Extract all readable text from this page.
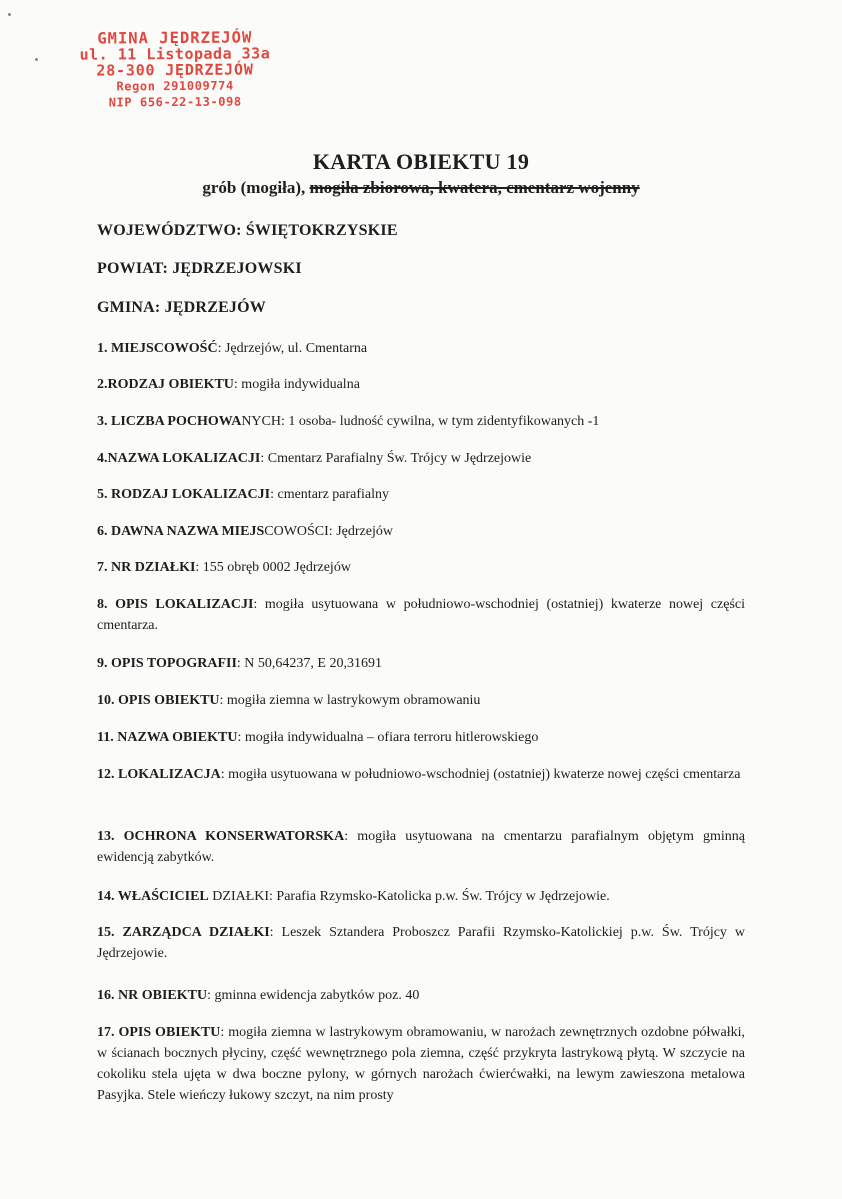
GMINA JĘDRZEJÓW
ul. 11 Listopada 33a
28-300 JĘDRZEJÓW
Regon 291009774
NIP 656-22-13-098
KARTA OBIEKTU 19
grób (mogiła), mogiła zbiorowa, kwatera, cmentarz wojenny
WOJEWÓDZTWO: ŚWIĘTOKRZYSKIE
POWIAT: JĘDRZEJOWSKI
GMINA: JĘDRZEJÓW
1. MIEJSCOWOŚĆ: Jędrzejów, ul. Cmentarna
2.RODZAJ OBIEKTU: mogiła indywidualna
3. LICZBA POCHOWANYCH: 1 osoba- ludność cywilna, w tym zidentyfikowanych -1
4.NAZWA LOKALIZACJI: Cmentarz Parafialny Św. Trójcy w Jędrzejowie
5. RODZAJ LOKALIZACJI: cmentarz parafialny
6. DAWNA NAZWA MIEJSCOWOŚCI: Jędrzejów
7. NR DZIAŁKI: 155 obręb 0002 Jędrzejów
8. OPIS LOKALIZACJI: mogiła usytuowana w południowo-wschodniej (ostatniej) kwaterze nowej części cmentarza.
9. OPIS TOPOGRAFII: N 50,64237, E 20,31691
10. OPIS OBIEKTU: mogiła ziemna w lastrykowym obramowaniu
11. NAZWA OBIEKTU: mogiła indywidualna – ofiara terroru hitlerowskiego
12. LOKALIZACJA: mogiła usytuowana w południowo-wschodniej (ostatniej) kwaterze nowej części cmentarza
13. OCHRONA KONSERWATORSKA: mogiła usytuowana na cmentarzu parafialnym objętym gminną ewidencją zabytków.
14. WŁAŚCICIEL DZIAŁKI: Parafia Rzymsko-Katolicka p.w. Św. Trójcy w Jędrzejowie.
15. ZARZĄDCA DZIAŁKI: Leszek Sztandera Proboszcz Parafii Rzymsko-Katolickiej p.w. Św. Trójcy w Jędrzejowie.
16. NR OBIEKTU: gminna ewidencja zabytków poz. 40
17. OPIS OBIEKTU: mogiła ziemna w lastrykowym obramowaniu, w narożach zewnętrznych ozdobne półwałki, w ścianach bocznych płyciny, część wewnętrznego pola ziemna, część przykryta lastrykową płytą. W szczycie na cokoliku stela ujęta w dwa boczne pylony, w górnych narożach ćwierćwałki, na lewym zawieszona metalowa Pasyjka. Stele wieńczy łukowy szczyt, na nim prosty
